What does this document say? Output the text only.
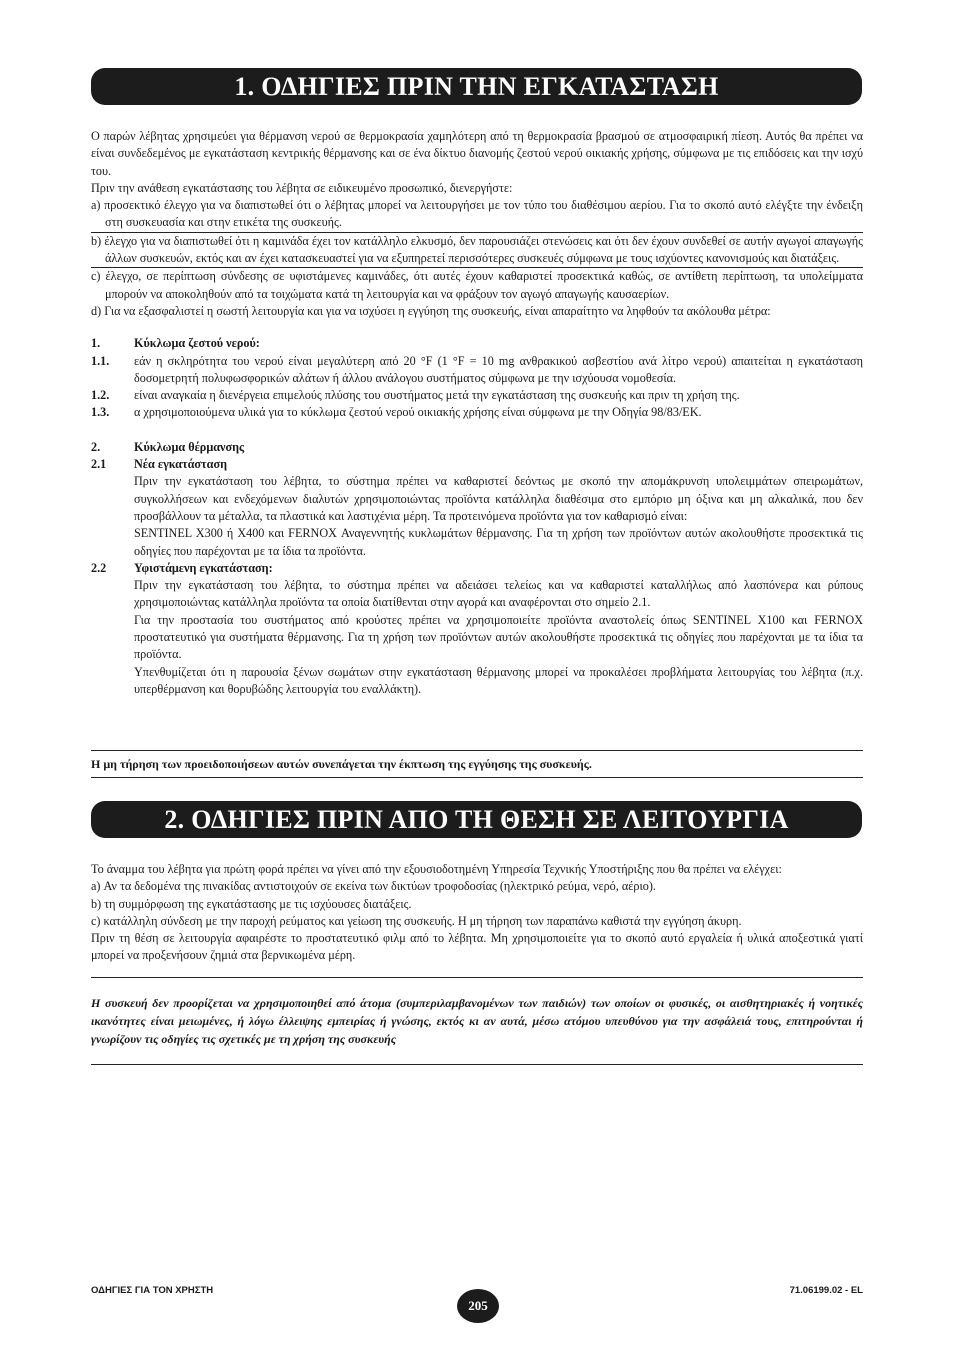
1. ΟΔΗΓΙΕΣ ΠΡΙΝ ΤΗΝ ΕΓΚΑΤΑΣΤΑΣΗ

Ο παρών λέβητας χρησιμεύει για θέρμανση νερού σε θερμοκρασία χαμηλότερη από τη θερμοκρασία βρασμού σε ατμοσφαιρική πίεση. Αυτός θα πρέπει να είναι συνδεδεμένος με εγκατάσταση κεντρικής θέρμανσης και σε ένα δίκτυο διανομής ζεστού νερού οικιακής χρήσης, σύμφωνα με τις επιδόσεις και την ισχύ του.

Πριν την ανάθεση εγκατάστασης του λέβητα σε ειδικευμένο προσωπικό, διενεργήστε:

a) προσεκτικό έλεγχο για να διαπιστωθεί ότι ο λέβητας μπορεί να λειτουργήσει με τον τύπο του διαθέσιμου αερίου. Για το σκοπό αυτό ελέγξτε την ένδειξη στη συσκευασία και στην ετικέτα της συσκευής.

b) έλεγχο για να διαπιστωθεί ότι η καμινάδα έχει τον κατάλληλο ελκυσμό, δεν παρουσιάζει στενώσεις και ότι δεν έχουν συνδεθεί σε αυτήν αγωγοί απαγωγής άλλων συσκευών, εκτός και αν έχει κατασκευαστεί για να εξυπηρετεί περισσότερες συσκευές σύμφωνα με τους ισχύοντες κανονισμούς και διατάξεις.

c) έλεγχο, σε περίπτωση σύνδεσης σε υφιστάμενες καμινάδες, ότι αυτές έχουν καθαριστεί προσεκτικά καθώς, σε αντίθετη περίπτωση, τα υπολείμματα μπορούν να αποκοληθούν από τα τοιχώματα κατά τη λειτουργία και να φράξουν τον αγωγό απαγωγής καυσαερίων.

d) Για να εξασφαλιστεί η σωστή λειτουργία και για να ισχύσει η εγγύηση της συσκευής, είναι απαραίτητο να ληφθούν τα ακόλουθα μέτρα:

1.	Κύκλωμα ζεστού νερού:
1.1.	εάν η σκληρότητα του νερού είναι μεγαλύτερη από 20 °F (1 °F = 10 mg ανθρακικού ασβεστίου ανά λίτρο νερού) απαιτείται η εγκατάσταση δοσομετρητή πολυφωσφορικών αλάτων ή άλλου ανάλογου συστήματος σύμφωνα με την ισχύουσα νομοθεσία.
1.2.	είναι αναγκαία η διενέργεια επιμελούς πλύσης του συστήματος μετά την εγκατάσταση της συσκευής και πριν τη χρήση της.
1.3.	α χρησιμοποιούμενα υλικά για το κύκλωμα ζεστού νερού οικιακής χρήσης είναι σύμφωνα με την Οδηγία 98/83/ΕΚ.
2.	Κύκλωμα θέρμανσης
2.1	Νέα εγκατάσταση

Πριν την εγκατάσταση του λέβητα, το σύστημα πρέπει να καθαριστεί δεόντως με σκοπό την απομάκρυνση υπολειμμάτων σπειρωμάτων, συγκολλήσεων και ενδεχόμενων διαλυτών χρησιμοποιώντας προϊόντα κατάλληλα διαθέσιμα στο εμπόριο μη όξινα και μη αλκαλικά, που δεν προσβάλλουν τα μέταλλα, τα πλαστικά και λαστιχένια μέρη. Τα προτεινόμενα προϊόντα για τον καθαρισμό είναι:

SENTINEL X300 ή X400 και FERNOX Αναγεννητής κυκλωμάτων θέρμανσης. Για τη χρήση των προϊόντων αυτών ακολουθήστε προσεκτικά τις οδηγίες που παρέχονται με τα ίδια τα προϊόντα.

2.2	Υφιστάμενη εγκατάσταση:

Πριν την εγκατάσταση του λέβητα, το σύστημα πρέπει να αδειάσει τελείως και να καθαριστεί καταλλήλως από λασπόνερα και ρύπους χρησιμοποιώντας κατάλληλα προϊόντα τα οποία διατίθενται στην αγορά και αναφέρονται στο σημείο 2.1.

Για την προστασία του συστήματος από κρούστες πρέπει να χρησιμοποιείτε προϊόντα αναστολείς όπως SENTINEL X100 και FERNOX προστατευτικό για συστήματα θέρμανσης. Για τη χρήση των προϊόντων αυτών ακολουθήστε προσεκτικά τις οδηγίες που παρέχονται με τα ίδια τα προϊόντα.

Υπενθυμίζεται ότι η παρουσία ξένων σωμάτων στην εγκατάσταση θέρμανσης μπορεί να προκαλέσει προβλήματα λειτουργίας του λέβητα (π.χ. υπερθέρμανση και θορυβώδης λειτουργία του εναλλάκτη).

Η μη τήρηση των προειδοποιήσεων αυτών συνεπάγεται την έκπτωση της εγγύησης της συσκευής.
2. ΟΔΗΓΙΕΣ ΠΡΙΝ ΑΠΟ ΤΗ ΘΕΣΗ ΣΕ ΛΕΙΤΟΥΡΓΙΑ

Το άναμμα του λέβητα για πρώτη φορά πρέπει να γίνει από την εξουσιοδοτημένη Υπηρεσία Τεχνικής Υποστήριξης που θα πρέπει να ελέγχει:

a) Αν τα δεδομένα της πινακίδας αντιστοιχούν σε εκείνα των δικτύων τροφοδοσίας (ηλεκτρικό ρεύμα, νερό, αέριο).

b) τη συμμόρφωση της εγκατάστασης με τις ισχύουσες διατάξεις.

c) κατάλληλη σύνδεση με την παροχή ρεύματος και γείωση της συσκευής. Η μη τήρηση των παραπάνω καθιστά την εγγύηση άκυρη.

Πριν τη θέση σε λειτουργία αφαιρέστε το προστατευτικό φιλμ από το λέβητα. Μη χρησιμοποιείτε για το σκοπό αυτό εργαλεία ή υλικά αποξεστικά γιατί μπορεί να προξενήσουν ζημιά στα βερνικωμένα μέρη.

Η συσκευή δεν προορίζεται να χρησιμοποιηθεί από άτομα (συμπεριλαμβανομένων των παιδιών) των οποίων οι φυσικές, οι αισθητηριακές ή νοητικές ικανότητες είναι μειωμένες, ή λόγω έλλειψης εμπειρίας ή γνώσης, εκτός κι αν αυτά, μέσω ατόμου υπευθύνου για την ασφάλειά τους, επιτηρούνται ή γνωρίζουν τις οδηγίες τις σχετικές με τη χρήση της συσκευής
ΟΔΗΓΙΕΣ ΓΙΑ ΤΟΝ ΧΡΗΣΤΗ
205
71.06199.02 - EL
